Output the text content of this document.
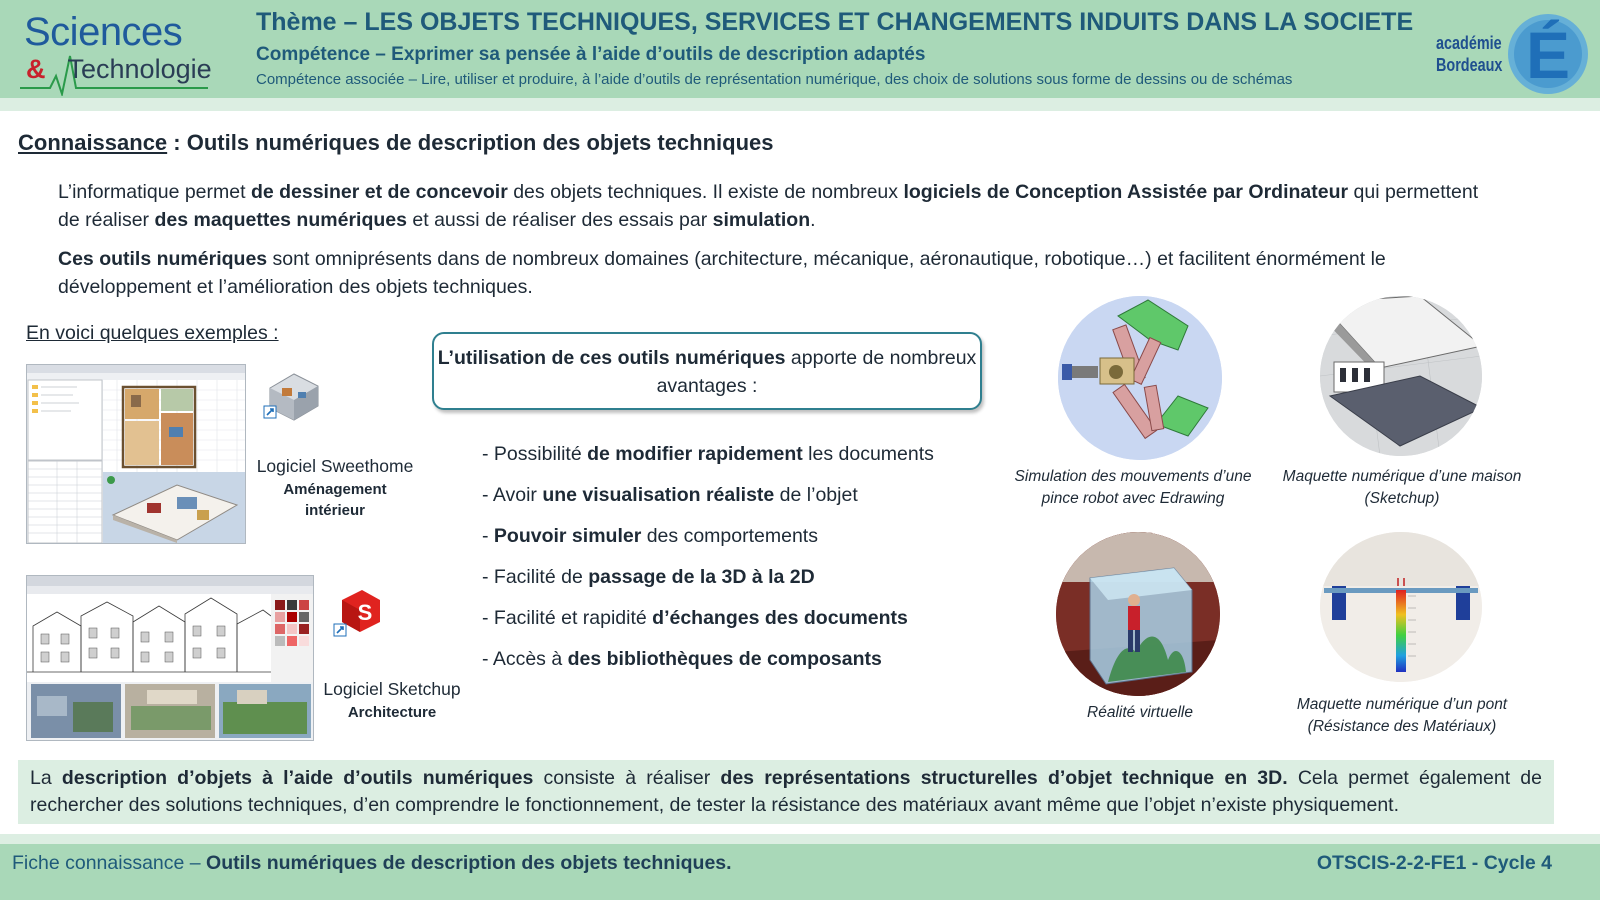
Sciences
& Technologie
Thème – LES OBJETS TECHNIQUES, SERVICES ET CHANGEMENTS INDUITS DANS LA SOCIETE
Compétence – Exprimer sa pensée à l’aide d’outils de description adaptés
Compétence associée – Lire, utiliser et produire, à l’aide d’outils de représentation numérique, des choix de solutions sous forme de dessins ou de schémas	É
académie
Bordeaux
Connaissance : Outils numériques de description des objets techniques
L’informatique permet de dessiner et de concevoir des objets techniques. Il existe de nombreux logiciels de Conception Assistée par Ordinateur qui permettent de réaliser des maquettes numériques et aussi de réaliser des essais par simulation.
Ces outils numériques sont omniprésents dans de nombreux domaines (architecture, mécanique, aéronautique, robotique…) et facilitent énormément le développement et l’amélioration des objets techniques.
En voici quelques exemples :
Logiciel Sweethome
Aménagement
intérieur
S
Logiciel Sketchup
Architecture
L’utilisation de ces outils numériques apporte de nombreux avantages :
- Possibilité de modifier rapidement les documents
- Avoir une visualisation réaliste de l’objet
- Pouvoir simuler des comportements
- Facilité de passage de la 3D à la 2D
- Facilité et rapidité d’échanges des documents
- Accès à des bibliothèques de composants
Simulation des mouvements d’une
pince robot avec Edrawing
Maquette numérique d’une maison
(Sketchup)
Réalité virtuelle	Maquette numérique d’un pont
(Résistance des Matériaux)
La description d’objets à l’aide d’outils numériques consiste à réaliser des représentations structurelles d’objet technique en 3D. Cela permet également de
rechercher des solutions techniques, d’en comprendre le fonctionnement, de tester la résistance des matériaux avant même que l’objet n’existe physiquement.
Fiche connaissance – Outils numériques de description des objets techniques.	OTSCIS-2-2-FE1 - Cycle 4
